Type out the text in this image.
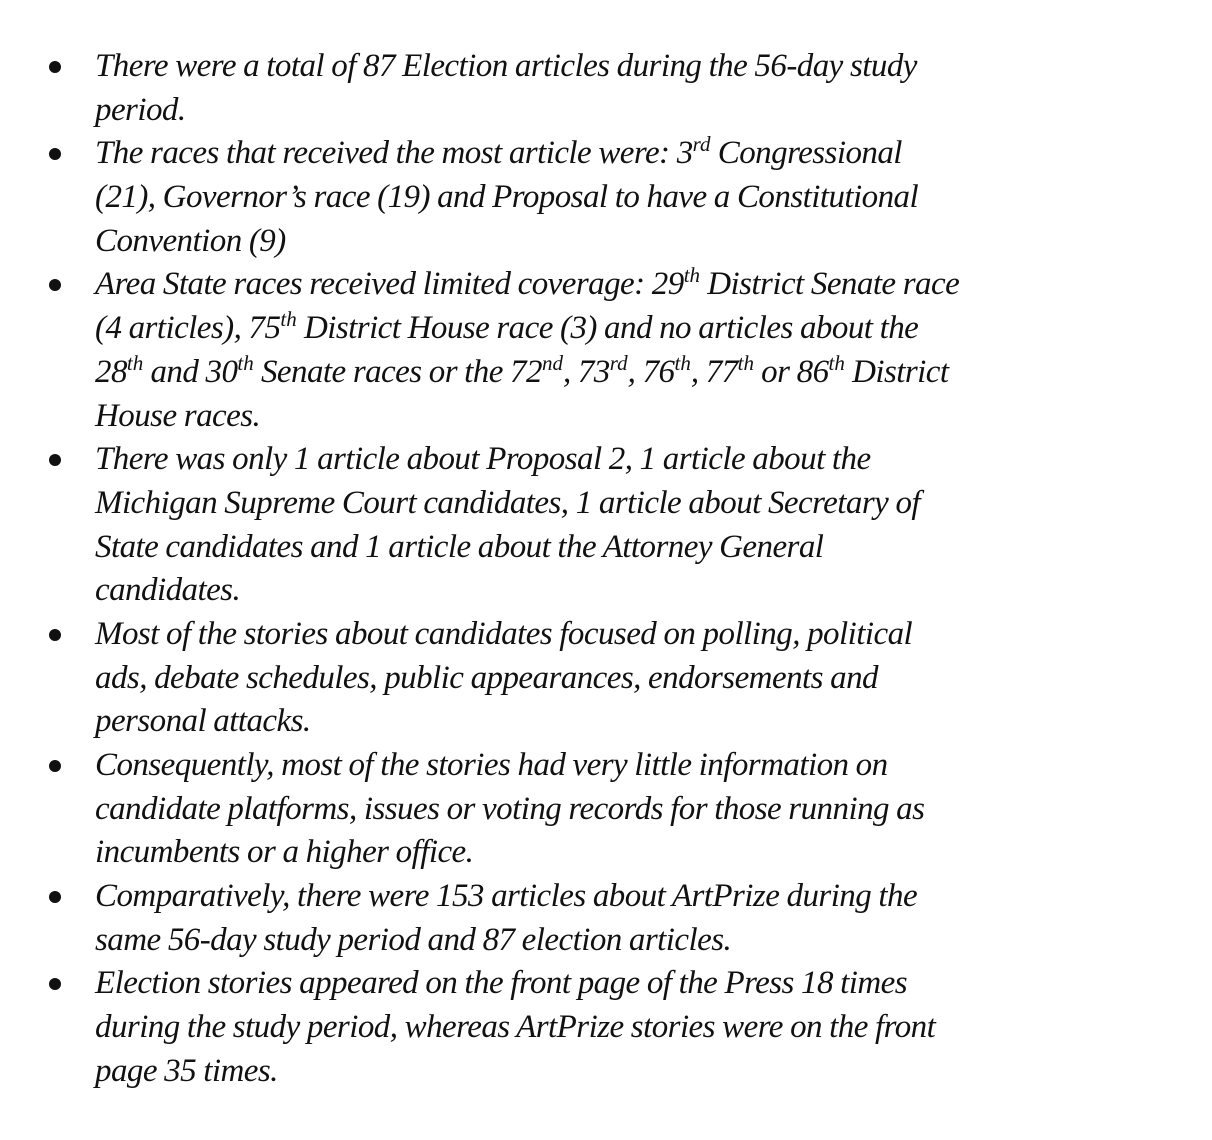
There were a total of 87 Election articles during the 56-day study
period.
The races that received the most article were: 3rd Congressional
(21), Governor’s race (19) and Proposal to have a Constitutional
Convention (9)
Area State races received limited coverage: 29th District Senate race
(4 articles), 75th District House race (3) and no articles about the
28th and 30th Senate races or the 72nd, 73rd, 76th, 77th or 86th District
House races.
There was only 1 article about Proposal 2, 1 article about the
Michigan Supreme Court candidates, 1 article about Secretary of
State candidates and 1 article about the Attorney General
candidates.
Most of the stories about candidates focused on polling, political
ads, debate schedules, public appearances, endorsements and
personal attacks.
Consequently, most of the stories had very little information on
candidate platforms, issues or voting records for those running as
incumbents or a higher office.
Comparatively, there were 153 articles about ArtPrize during the
same 56-day study period and 87 election articles.
Election stories appeared on the front page of the Press 18 times
during the study period, whereas ArtPrize stories were on the front
page 35 times.
